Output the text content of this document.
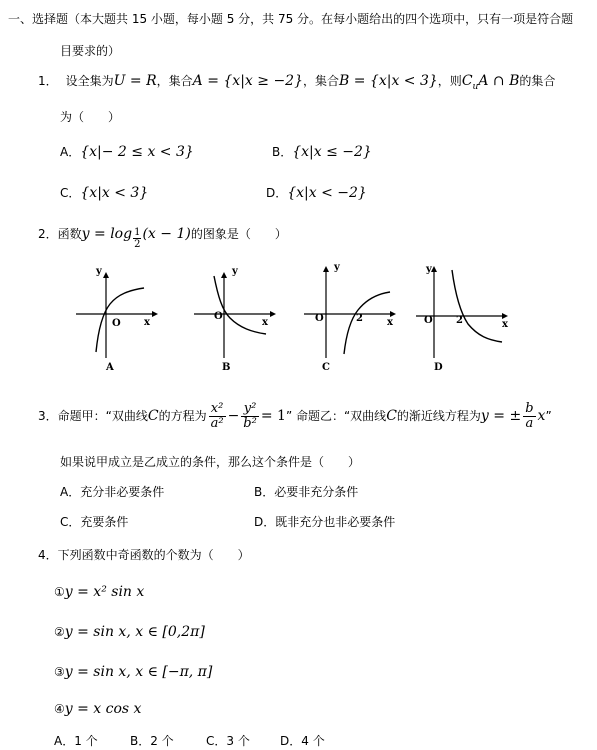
一、选择题（本大题共 15 小题，每小题 5 分，共 75 分。在每小题给出的四个选项中，只有一项是符合题
目要求的）
1． 设全集为U = R，集合A = {x|x ≥ −2}，集合B = {x|x < 3}，则$C_uA$ ∩ B的集合
为（　　）
A．{x|− 2 ≤ x < 3}	B．{x|x ≤ −2}
C．{x|x < 3}	D．{x|x < −2}
2．函数$y = \log \frac{1}{2}(x - 1)$的图象是（　　）
y
x
O
A
y
x
O
B
y
x
O	2
C
y
x
O 2
D
3．命题甲：“双曲线C的方程为 $\frac{\text{x²}}{\text{a²}} - \frac{\text{y²}}{\text{b²}} = 1$” 命题乙：“双曲线C的渐近线方程为y = ± $\frac{b}{a} x$”
如果说甲成立是乙成立的条件，那么这个条件是（　　）
A．充分非必要条件	B．必要非充分条件
C．充要条件	D．既非充分也非必要条件
4．下列函数中奇函数的个数为（　　）
①y = x² sin x
②y = sin x, x ∈ [0,2π]
③y = sin x, x ∈ [−π, π]
④y = x cos x
A．1 个	B．2 个	C．3 个	D．4 个
